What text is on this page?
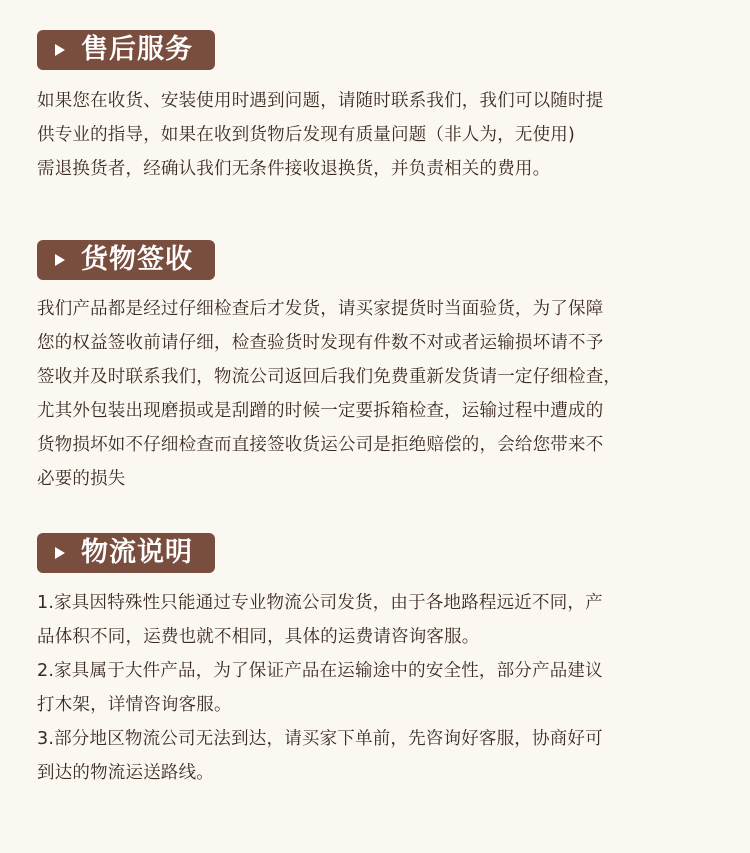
售后服务
如果您在收货、安装使用时遇到问题，请随时联系我们，我们可以随时提
供专业的指导，如果在收到货物后发现有质量问题（非人为，无使用)
需退换货者，经确认我们无条件接收退换货，并负责相关的费用。
货物签收
我们产品都是经过仔细检查后才发货，请买家提货时当面验货，为了保障
您的权益签收前请仔细，检查验货时发现有件数不对或者运输损坏请不予
签收并及时联系我们，物流公司返回后我们免费重新发货请一定仔细检查，
尤其外包装出现磨损或是刮蹭的时候一定要拆箱检查，运输过程中遭成的
货物损坏如不仔细检查而直接签收货运公司是拒绝赔偿的，会给您带来不
必要的损失
物流说明
1.家具因特殊性只能通过专业物流公司发货，由于各地路程远近不同，产
品体积不同，运费也就不相同，具体的运费请咨询客服。
2.家具属于大件产品，为了保证产品在运输途中的安全性，部分产品建议
打木架，详情咨询客服。
3.部分地区物流公司无法到达，请买家下单前，先咨询好客服，协商好可
到达的物流运送路线。
